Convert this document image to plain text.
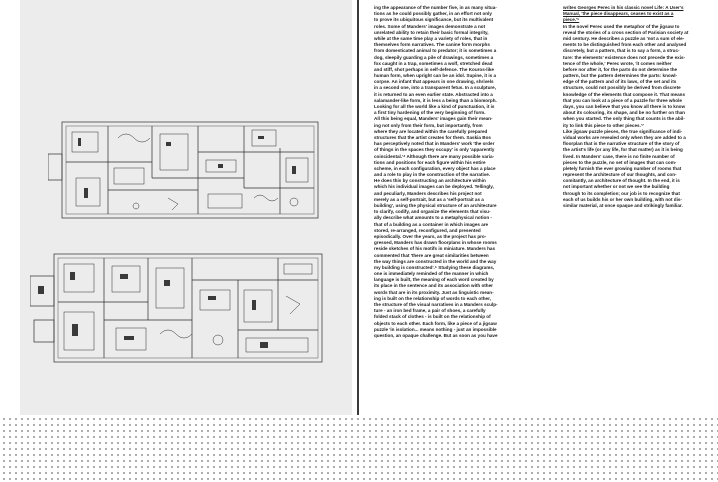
ing the appearance of the number five, in as many situa-
tions as he could possibly gather, in an effort not only
to prove its ubiquitous significance, but its multivalent
roles. Some of Manders' images demonstrate a not
unrelated ability to retain their basic formal integrity,
while at the same time play a variety of roles, that in
themselves form narratives. The canine form morphs
from domesticated animal to predator; it is sometimes a
dog, sleepily guarding a pile of drawings, sometimes a
fox caught in a trap, sometimes a wolf, stretched dead
and stiff, shot perhaps in self-defence. The Kouros-like
human form, when upright can be an idol. Supine, it is a
corpse. An infant that appears in one drawing, shrivels
in a second one, into a transparent fetus. In a sculpture,
it is returned to an even earlier state. Abstracted into a
salamander-like form, it is less a being than a biomorph.
Looking for all the world like a kind of punctuation, it is
a first tiny hardening of the very beginning of form.
All this being equal, Manders' images gain their mean-
ing not only from their form, but importantly, from
where they are located within the carefully prepared
structures that the artist creates for them. Saskia Bos
has perceptively noted that in Manders' work 'the order
of things in the spaces they occupy' is only 'apparently
coincidental.'⁴ Although there are many possible varia-
tions and positions for each figure within his entire
scheme, in each configuration, every object has a place
and a role to play in the construction of the narrative.
He does this by constructing an architecture within
which his individual images can be deployed. Tellingly,
and peculiarly, Manders describes his project not
merely as a self-portrait, but as a 'self-portrait as a
building', using the physical structure of an architecture
to clarify, codify, and organize the elements that visu-
ally describe what amounts to a metaphysical notion -
that of a building as a container in which images are
stored, re-arranged, reconfigured, and presented
episodically. Over the years, as the project has pro-
gressed, Manders has drawn floorplans in whose rooms
reside sketches of his motifs in miniature. Manders has
commented that 'there are great similarities between
the way things are constructed in the world and the way
my building is constructed'.⁵ Studying these diagrams,
one is immediately reminded of the manner in which
language is built, the meaning of each word created by
its place in the sentence and its association with other
words that are in its proximity. Just as linguistic mean-
ing is built on the relationship of words to each other,
the structure of the visual narratives in a Manders sculp-
ture - an iron bed frame, a pair of shoes, a carefully
folded stack of clothes - is built on the relationship of
objects to each other. Each form, like a piece of a jigsaw
puzzle 'in isolation... means nothing - just an impossible
question, an opaque challenge. But as soon as you have
writes Georges Perec in his classic novel Life: A User's
Manual, 'the piece disappears, ceases to exist as a
piece.'⁶
In the novel Perec used the metaphor of the jigsaw to
reveal the stories of a cross section of Parisian society at
mid century. He describes a puzzle as 'not a sum of ele-
ments to be distinguished from each other and analysed
discretely, but a pattern, that is to say a form, a struc-
ture: the elements' existence does not precede the exis-
tence of the whole,' Perec wrote, 'it comes neither
before nor after it, for the parts do not determine the
pattern, but the pattern determines the parts: knowl-
edge of the pattern and of its laws, of the set and its
structure, could not possibly be derived from discrete
knowledge of the elements that compose it. That means
that you can look at a piece of a puzzle for three whole
days, you can believe that you know all there is to know
about its colouring, its shape, and be no further on than
when you started. The only thing that counts is the abil-
ity to link this piece to other pieces.'⁷
Like jigsaw puzzle pieces, the true significance of indi-
vidual works are revealed only when they are added to a
floorplan that is the narrative structure of the story of
the artist's life (or any life, for that matter) as it is being
lived. In Manders' case, there is no finite number of
pieces to the puzzle, no set of images that can com-
pletely furnish the ever growing number of rooms that
represent the architecture of our thoughts, and con-
comitantly, an architecture of thought. In the end, it is
not important whether or not we see the building
through to its completion; our job is to recognize that
each of us builds his or her own building, with not dis-
similar material, at once opaque and strikingly familiar.
